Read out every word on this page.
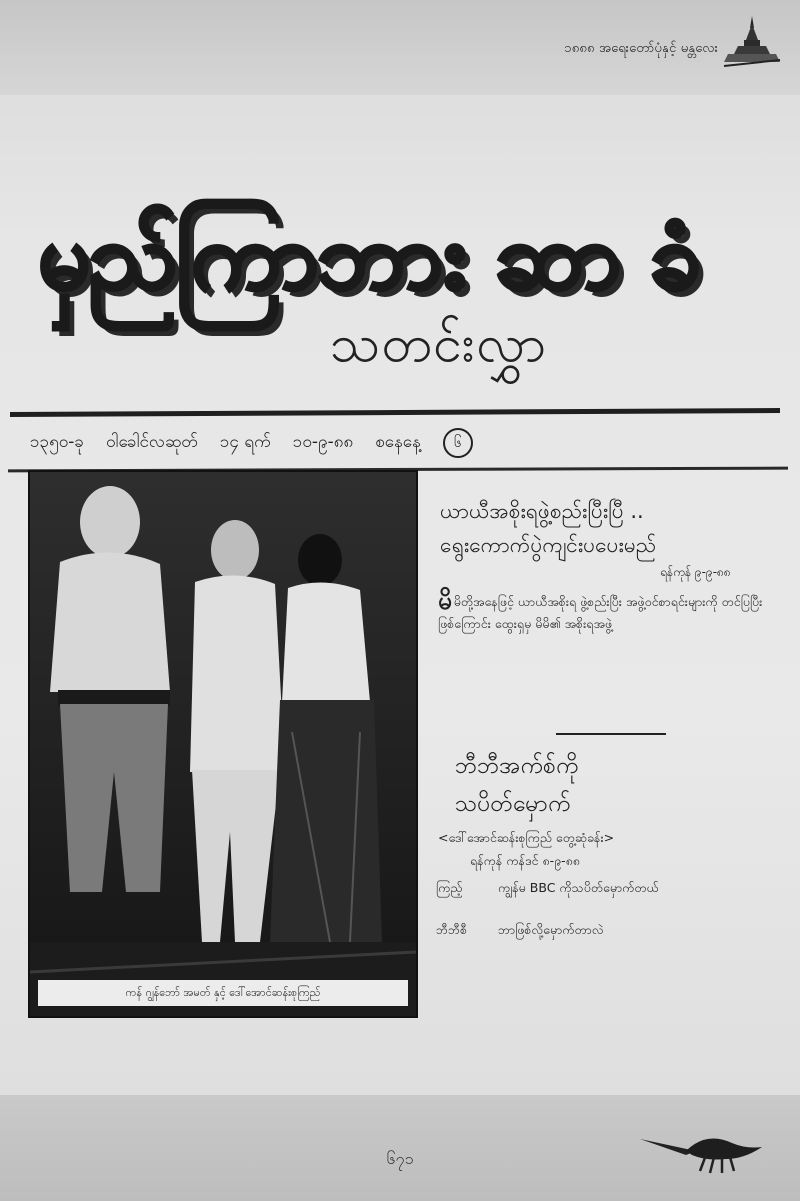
၁၈၈၈ အရေးတော်ပုံနှင့် မန္တလေး
မှည်ကြာဘား ဆာ ခံ
သတင်းလွှာ
၁၃၅၀-ခု ဝါခေါင်လဆုတ် ၁၄ ရက် ၁၀-၉-၈၈ စနေနေ့	၆
ကန် ဂျွန်ဘော် အမတ် နှင့် ဒေါ်အောင်ဆန်းစုကြည်
ယာယီအစိုးရဖွဲ့စည်းပြီးပြီ ..
ရွေးကောက်ပွဲကျင်းပပေးမည်
ရန်ကုန် ၉-၉-၈၈
မိမိတို့အနေဖြင့် ယာယီအစိုးရ ဖွဲ့စည်းပြီး အဖွဲ့ဝင်စာရင်းများကို တင်ပြပြီး ဖြစ်ကြောင်း ထွေးရှမှ မိမိ၏ အစိုးရအဖွဲ့
ဘီဘီအက်စ်ကို
သပိတ်မှောက်
<ဒေါ်အောင်ဆန်းစုကြည် တွေ့ဆုံခန်း>
ရန်ကုန် ကန်ဒင် ၈-၉-၈၈
ကြည့်	ကျွန်မ BBC ကိုသပိတ်မှောက်တယ်
ဘီဘီစီ ဘာဖြစ်လို့မှောက်တာလဲ
၆၇၁
